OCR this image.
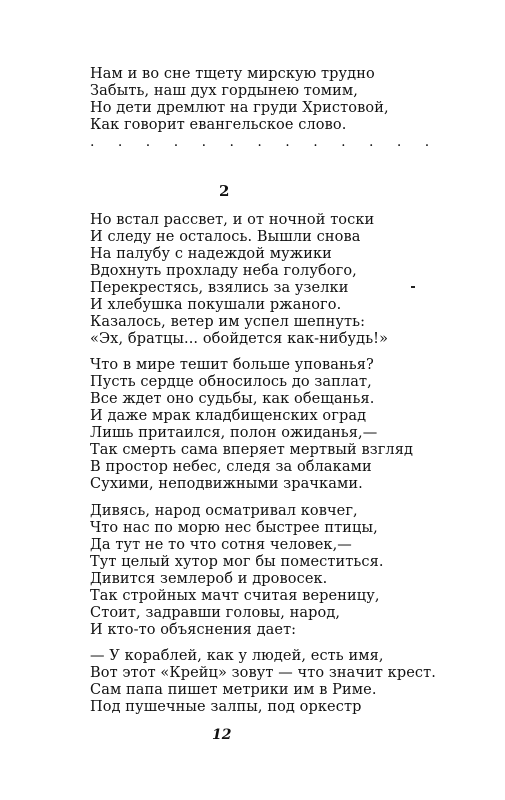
Нам и во сне тщету мирскую трудно
Забыть, наш дух гордынею томим,
Но дети дремлют на груди Христовой,
Как говорит евангельское слово.
. . . . . . . . . . . . .
2
Но встал рассвет, и от ночной тоски
И следу не осталось. Вышли снова
На палубу с надеждой мужики
Вдохнуть прохладу неба голубого,
Перекрестясь, взялись за узелки
И хлебушка покушали ржаного.
Казалось, ветер им успел шепнуть:
«Эх, братцы... обойдется как-нибудь!»
Что в мире тешит больше упованья?
Пусть сердце обносилось до заплат,
Все ждет оно судьбы, как обещанья.
И даже мрак кладбищенских оград
Лишь притаился, полон ожиданья,—
Так смерть сама вперяет мертвый взгляд
В простор небес, следя за облаками
Сухими, неподвижными зрачками.
Дивясь, народ осматривал ковчег,
Что нас по морю нес быстрее птицы,
Да тут не то что сотня человек,—
Тут целый хутор мог бы поместиться.
Дивится землероб и дровосек.
Так стройных мачт считая вереницу,
Стоит, задравши головы, народ,
И кто-то объяснения дает:
— У кораблей, как у людей, есть имя,
Вот этот «Крейц» зовут — что значит крест.
Сам папа пишет метрики им в Риме.
Под пушечные залпы, под оркестр
12
